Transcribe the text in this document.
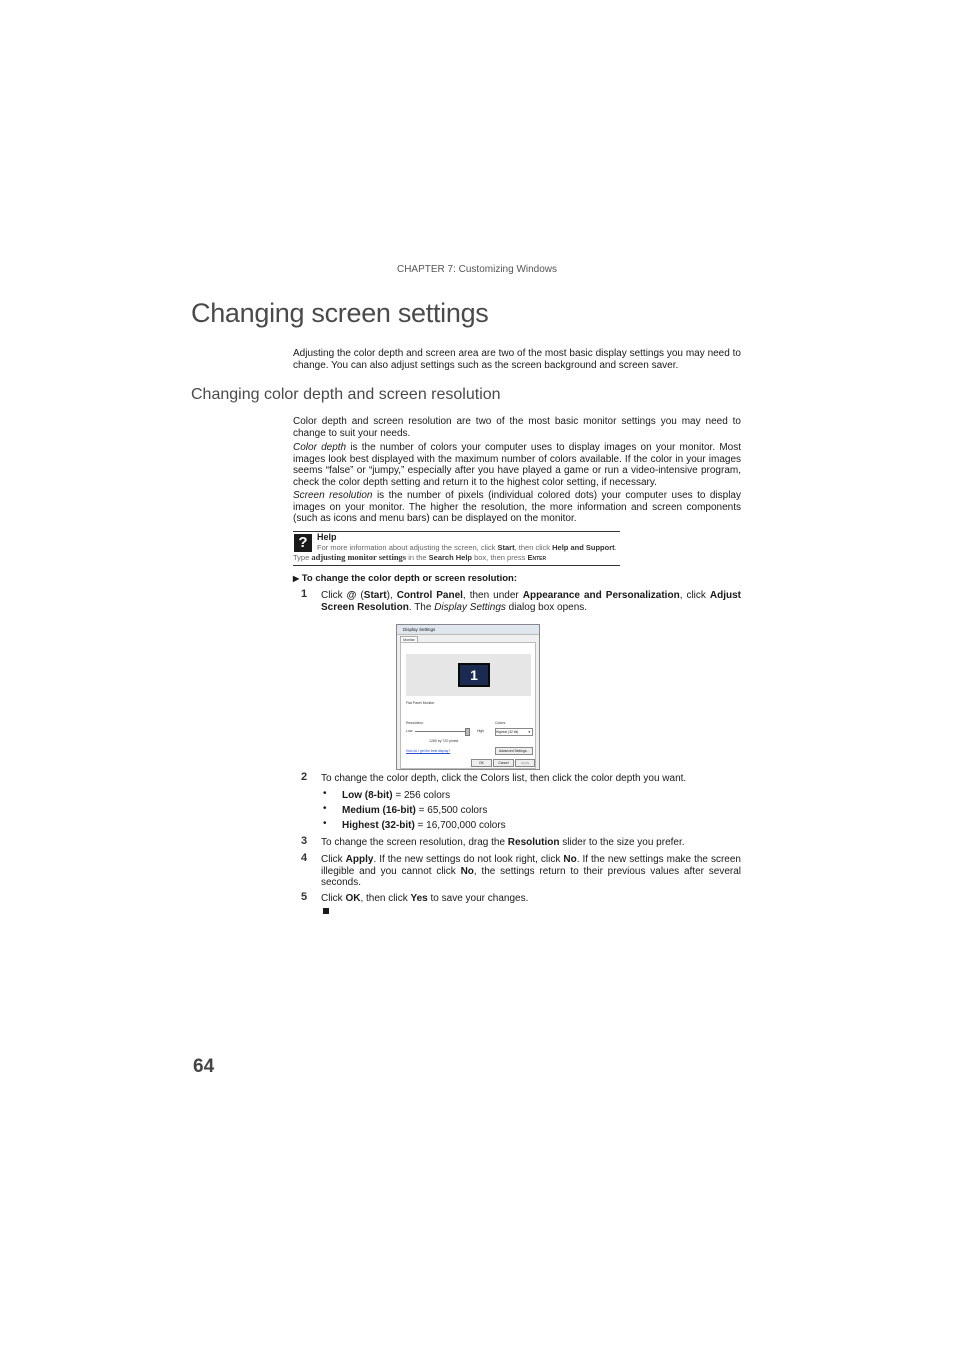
CHAPTER 7: Customizing Windows
Changing screen settings
Adjusting the color depth and screen area are two of the most basic display settings you may need to change. You can also adjust settings such as the screen background and screen saver.
Changing color depth and screen resolution
Color depth and screen resolution are two of the most basic monitor settings you may need to change to suit your needs.
Color depth is the number of colors your computer uses to display images on your monitor. Most images look best displayed with the maximum number of colors available. If the color in your images seems “false” or “jumpy,” especially after you have played a game or run a video-intensive program, check the color depth setting and return it to the highest color setting, if necessary.
Screen resolution is the number of pixels (individual colored dots) your computer uses to display images on your monitor. The higher the resolution, the more information and screen components (such as icons and menu bars) can be displayed on the monitor.
?	Help
For more information about adjusting the screen, click Start, then click Help and Support. Type adjusting monitor settings in the Search Help box, then press Enter
▶ To change the color depth or screen resolution:
1 Click @ (Start), Control Panel, then under Appearance and Personalization, click Adjust Screen Resolution. The Display Settings dialog box opens.
Display Settings
Monitor
1
Flat Panel Monitor
Resolution:
Low	High
1280 by 720 pixels
Colors:
Highest (32 bit)	▾
How do I get the best display?	Advanced Settings...
OK	Cancel	Apply
2 To change the color depth, click the Colors list, then click the color depth you want.
• Low (8-bit) = 256 colors
• Medium (16-bit) = 65,500 colors
• Highest (32-bit) = 16,700,000 colors
3 To change the screen resolution, drag the Resolution slider to the size you prefer.
4 Click Apply. If the new settings do not look right, click No. If the new settings make the screen illegible and you cannot click No, the settings return to their previous values after several seconds.
5 Click OK, then click Yes to save your changes.
64
